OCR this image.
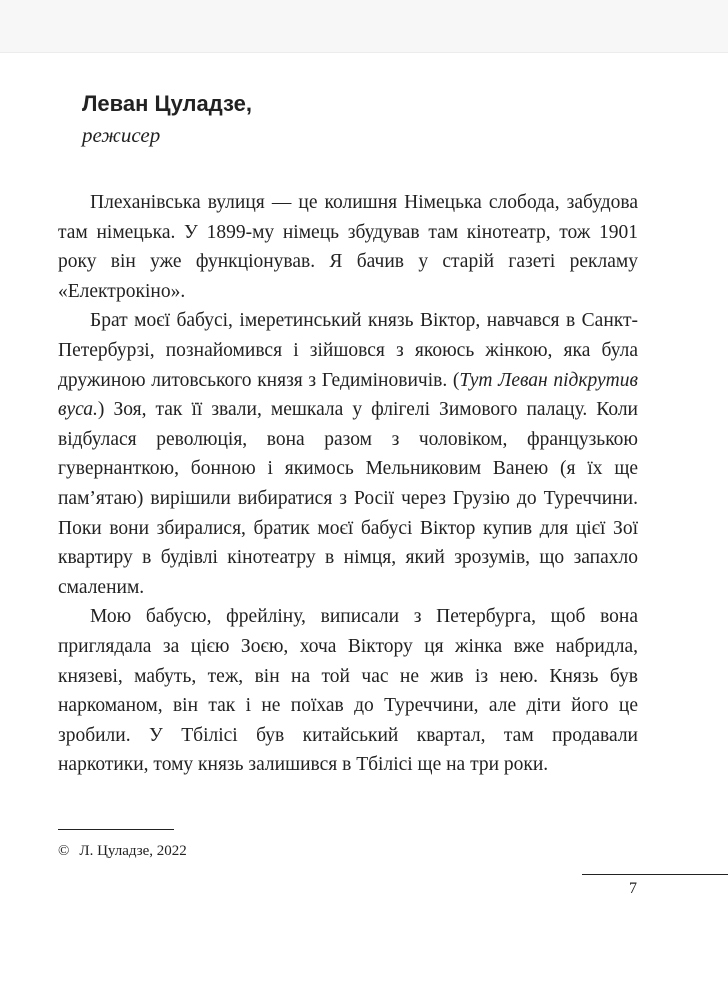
Леван Цуладзе,
режисер

Плеханівська вулиця — це колишня Німецька слобода, забудова там німецька. У 1899-му німець збудував там кінотеатр, тож 1901 року він уже функціонував. Я бачив у старій газеті рекламу «Електрокіно».

Брат моєї бабусі, імеретинський князь Віктор, навчався в Санкт-Петербурзі, познайомився і зійшовся з якоюсь жінкою, яка була дружиною литовського князя з Гедиміновичів. (Тут Леван підкрутив вуса.) Зоя, так її звали, мешкала у флігелі Зимового палацу. Коли відбулася революція, вона разом з чоловіком, французькою гувернанткою, бонною і якимось Мельниковим Ванею (я їх ще пам’ятаю) вирішили вибиратися з Росії через Грузію до Туреччини. Поки вони збиралися, братик моєї бабусі Віктор купив для цієї Зої квартиру в будівлі кінотеатру в німця, який зрозумів, що запахло смаленим.

Мою бабусю, фрейліну, виписали з Петербурга, щоб вона приглядала за цією Зоєю, хоча Віктору ця жінка вже набридла, князеві, мабуть, теж, він на той час не жив із нею. Князь був наркоманом, він так і не поїхав до Туреччини, але діти його це зробили. У Тбілісі був китайський квартал, там продавали наркотики, тому князь залишився в Тбілісі ще на три роки.

© Л. Цуладзе, 2022
7
